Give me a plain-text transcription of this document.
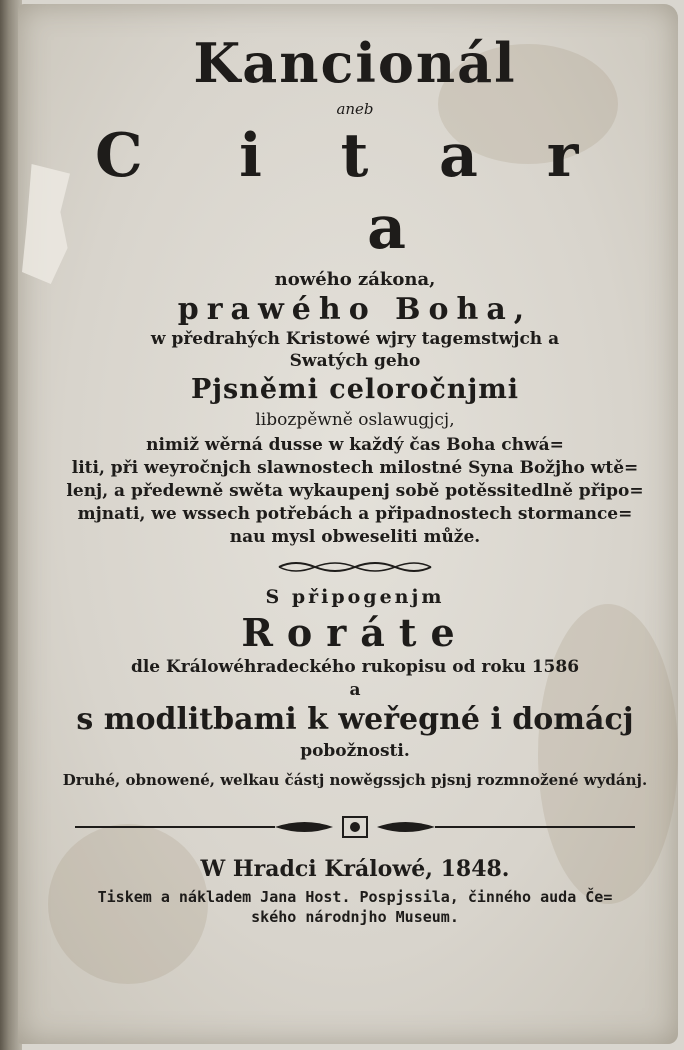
Kancionál
aneb
C i t a ra
nowého zákona,
prawého Boha,
w předrahých Kristowé wjry tagemstwjch a
Swatých geho
Pjsněmi celoročnjmi
libozpěwně oslawugjcj,
nimiž wěrná dusse w každý čas Boha chwá=
liti, při weyročnjch slawnostech milostné Syna Božjho wtě=
lenj, a předewně swěta wykaupenj sobě potěssitedlně připo=
mjnati, we wssech potřebách a připadnostech stormance=
nau mysl obweseliti může.
S připogenjm
Roráte
dle Králowéhradeckého rukopisu od roku 1586
a
s modlitbami k weřegné i domácj
pobožnosti.
Druhé, obnowené, welkau částj nowěgssjch pjsnj rozmnožené wydánj.
W Hradci Králowé, 1848.
Tiskem a nákladem Jana Host. Pospjssila, činného auda Če=
ského národnjho Museum.
